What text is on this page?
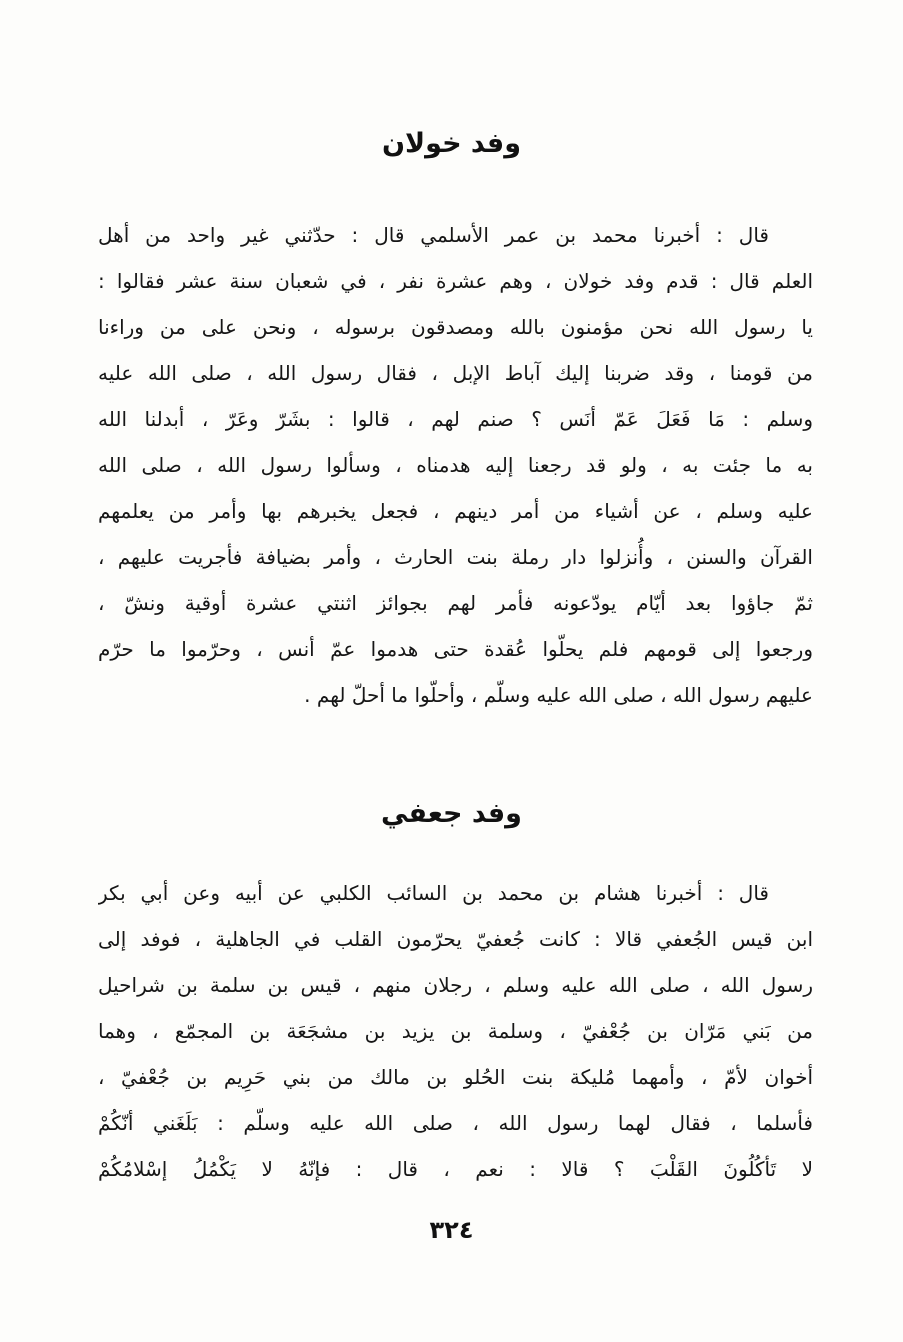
وفد خولان
قال : أخبرنا محمد بن عمر الأسلمي قال : حدّثني غير واحد من أهل
العلم قال : قدم وفد خولان ، وهم عشرة نفر ، في شعبان سنة عشر فقالوا :
يا رسول الله نحن مؤمنون بالله ومصدقون برسوله ، ونحن على من وراءنا
من قومنا ، وقد ضربنا إليك آباط الإبل ، فقال رسول الله ، صلى الله عليه
وسلم : مَا فَعَلَ عَمّ أنَس ؟ صنم لهم ، قالوا : بشَرّ وعَرّ ، أبدلنا الله
به ما جئت به ، ولو قد رجعنا إليه هدمناه ، وسألوا رسول الله ، صلى الله
عليه وسلم ، عن أشياء من أمر دينهم ، فجعل يخبرهم بها وأمر من يعلمهم
القرآن والسنن ، وأُنزلوا دار رملة بنت الحارث ، وأمر بضيافة فأجريت عليهم ،
ثمّ جاؤوا بعد أيّام يودّعونه فأمر لهم بجوائز اثنتي عشرة أوقية ونشّ ،
ورجعوا إلى قومهم فلم يحلّوا عُقدة حتى هدموا عمّ أنس ، وحرّموا ما حرّم
عليهم رسول الله ، صلى الله عليه وسلّم ، وأحلّوا ما أحلّ لهم .
وفد جعفي
قال : أخبرنا هشام بن محمد بن السائب الكلبي عن أبيه وعن أبي بكر
ابن قيس الجُعفي قالا : كانت جُعفيّ يحرّمون القلب في الجاهلية ، فوفد إلى
رسول الله ، صلى الله عليه وسلم ، رجلان منهم ، قيس بن سلمة بن شراحيل
من بَني مَرّان بن جُعْفيّ ، وسلمة بن يزيد بن مشجَعَة بن المجمّع ، وهما
أخوان لأمّ ، وأمهما مُليكة بنت الحُلو بن مالك من بني حَرِيم بن جُعْفيّ ،
فأسلما ، فقال لهما رسول الله ، صلى الله عليه وسلّم : بَلَغَني أنّكُمْ
لا تَأكُلُونَ القَلْبَ ؟ قالا : نعم ، قال : فإنّهُ لا يَكْمُلُ إسْلامُكُمْ
٣٢٤
